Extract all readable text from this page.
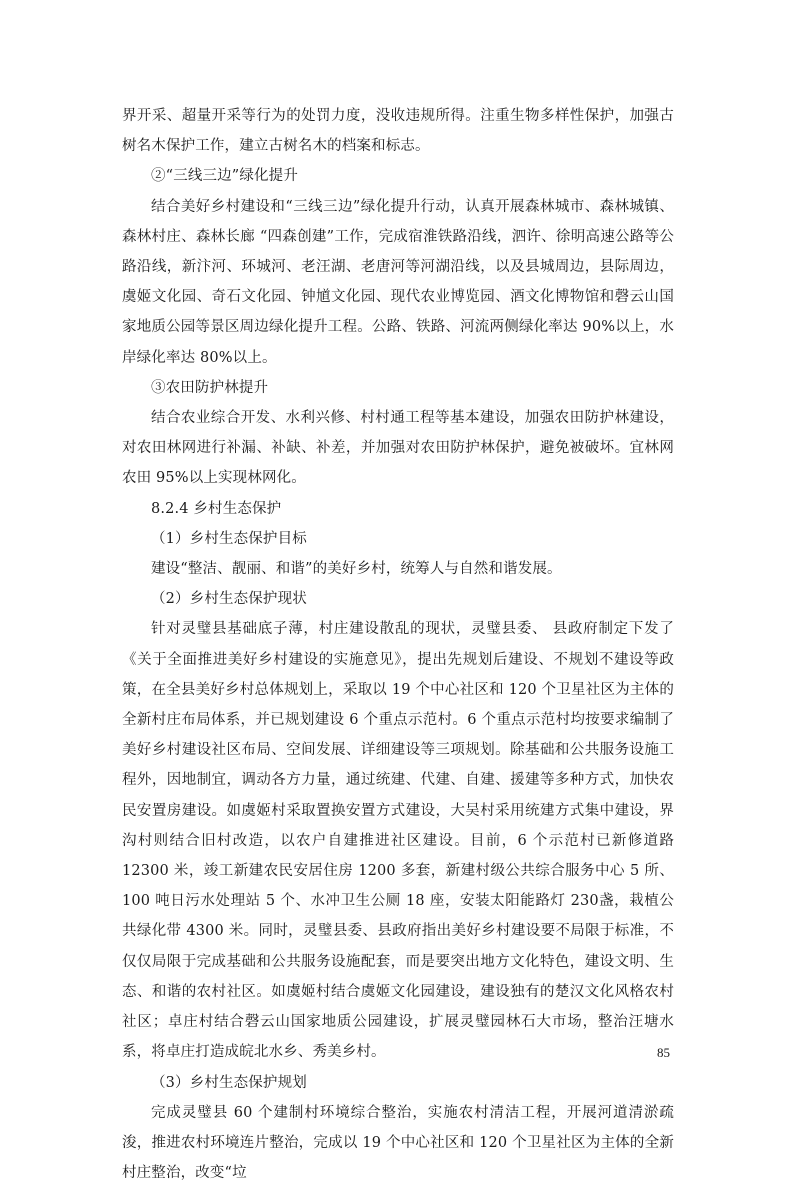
界开采、超量开采等行为的处罚力度，没收违规所得。注重生物多样性保护，加强古树名木保护工作，建立古树名木的档案和标志。

②“三线三边”绿化提升

结合美好乡村建设和“三线三边”绿化提升行动，认真开展森林城市、森林城镇、森林村庄、森林长廊 “四森创建”工作，完成宿淮铁路沿线，泗许、徐明高速公路等公路沿线，新汴河、环城河、老汪湖、老唐河等河湖沿线，以及县城周边，县际周边，虞姬文化园、奇石文化园、钟馗文化园、现代农业博览园、酒文化博物馆和磬云山国家地质公园等景区周边绿化提升工程。公路、铁路、河流两侧绿化率达 90%以上，水岸绿化率达 80%以上。

③农田防护林提升

结合农业综合开发、水利兴修、村村通工程等基本建设，加强农田防护林建设，对农田林网进行补漏、补缺、补差，并加强对农田防护林保护，避免被破坏。宜林网农田 95%以上实现林网化。

8.2.4 乡村生态保护

（1）乡村生态保护目标

建设“整洁、靓丽、和谐”的美好乡村，统筹人与自然和谐发展。

（2）乡村生态保护现状

针对灵璧县基础底子薄，村庄建设散乱的现状，灵璧县委、 县政府制定下发了 《关于全面推进美好乡村建设的实施意见》，提出先规划后建设、不规划不建设等政策，在全县美好乡村总体规划上，采取以 19 个中心社区和 120 个卫星社区为主体的全新村庄布局体系，并已规划建设 6 个重点示范村。6 个重点示范村均按要求编制了美好乡村建设社区布局、空间发展、详细建设等三项规划。除基础和公共服务设施工程外，因地制宜，调动各方力量，通过统建、代建、自建、援建等多种方式，加快农民安置房建设。如虞姬村采取置换安置方式建设，大吴村采用统建方式集中建设，界沟村则结合旧村改造，以农户自建推进社区建设。目前，6 个示范村已新修道路 12300 米，竣工新建农民安居住房 1200 多套，新建村级公共综合服务中心 5 所、100 吨日污水处理站 5 个、水冲卫生公厕 18 座，安装太阳能路灯 230盏，栽植公共绿化带 4300 米。同时，灵璧县委、县政府指出美好乡村建设要不局限于标准，不仅仅局限于完成基础和公共服务设施配套，而是要突出地方文化特色，建设文明、生态、和谐的农村社区。如虞姬村结合虞姬文化园建设，建设独有的楚汉文化风格农村社区；卓庄村结合磬云山国家地质公园建设，扩展灵璧园林石大市场，整治汪塘水系，将卓庄打造成皖北水乡、秀美乡村。

（3）乡村生态保护规划

完成灵璧县 60 个建制村环境综合整治，实施农村清洁工程，开展河道清淤疏浚，推进农村环境连片整治，完成以 19 个中心社区和 120 个卫星社区为主体的全新村庄整治，改变“垃

85
